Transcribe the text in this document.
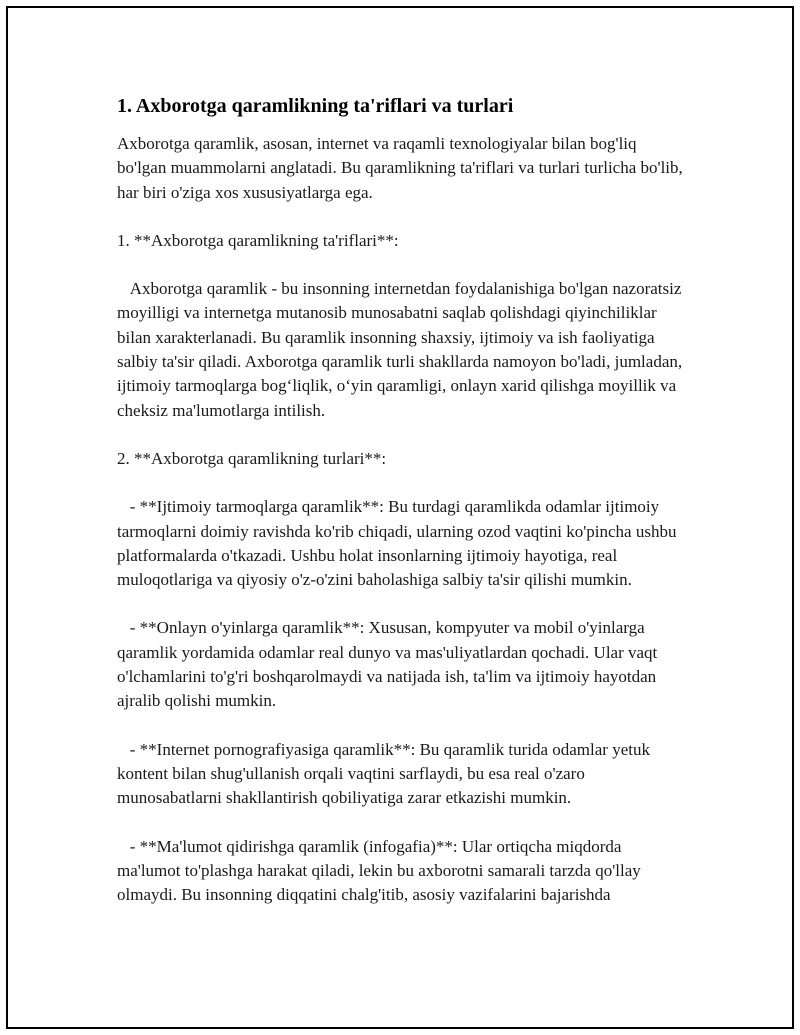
1. Axborotga qaramlikning ta'riflari va turlari

Axborotga qaramlik, asosan, internet va raqamli texnologiyalar bilan bog'liq bo'lgan muammolarni anglatadi. Bu qaramlikning ta'riflari va turlari turlicha bo'lib, har biri o'ziga xos xususiyatlarga ega.

1. **Axborotga qaramlikning ta'riflari**:

Axborotga qaramlik - bu insonning internetdan foydalanishiga bo'lgan nazoratsiz moyilligi va internetga mutanosib munosabatni saqlab qolishdagi qiyinchiliklar bilan xarakterlanadi. Bu qaramlik insonning shaxsiy, ijtimoiy va ish faoliyatiga salbiy ta'sir qiladi. Axborotga qaramlik turli shakllarda namoyon bo'ladi, jumladan, ijtimoiy tarmoqlarga bog‘liqlik, o‘yin qaramligi, onlayn xarid qilishga moyillik va cheksiz ma'lumotlarga intilish.

2. **Axborotga qaramlikning turlari**:

- **Ijtimoiy tarmoqlarga qaramlik**: Bu turdagi qaramlikda odamlar ijtimoiy tarmoqlarni doimiy ravishda ko'rib chiqadi, ularning ozod vaqtini ko'pincha ushbu platformalarda o'tkazadi. Ushbu holat insonlarning ijtimoiy hayotiga, real muloqotlariga va qiyosiy o'z-o'zini baholashiga salbiy ta'sir qilishi mumkin.

- **Onlayn o'yinlarga qaramlik**: Xususan, kompyuter va mobil o'yinlarga qaramlik yordamida odamlar real dunyo va mas'uliyatlardan qochadi. Ular vaqt o'lchamlarini to'g'ri boshqarolmaydi va natijada ish, ta'lim va ijtimoiy hayotdan ajralib qolishi mumkin.

- **Internet pornografiyasiga qaramlik**: Bu qaramlik turida odamlar yetuk kontent bilan shug'ullanish orqali vaqtini sarflaydi, bu esa real o'zaro munosabatlarni shakllantirish qobiliyatiga zarar etkazishi mumkin.

- **Ma'lumot qidirishga qaramlik (infogafia)**: Ular ortiqcha miqdorda ma'lumot to'plashga harakat qiladi, lekin bu axborotni samarali tarzda qo'llay olmaydi. Bu insonning diqqatini chalg'itib, asosiy vazifalarini bajarishda
